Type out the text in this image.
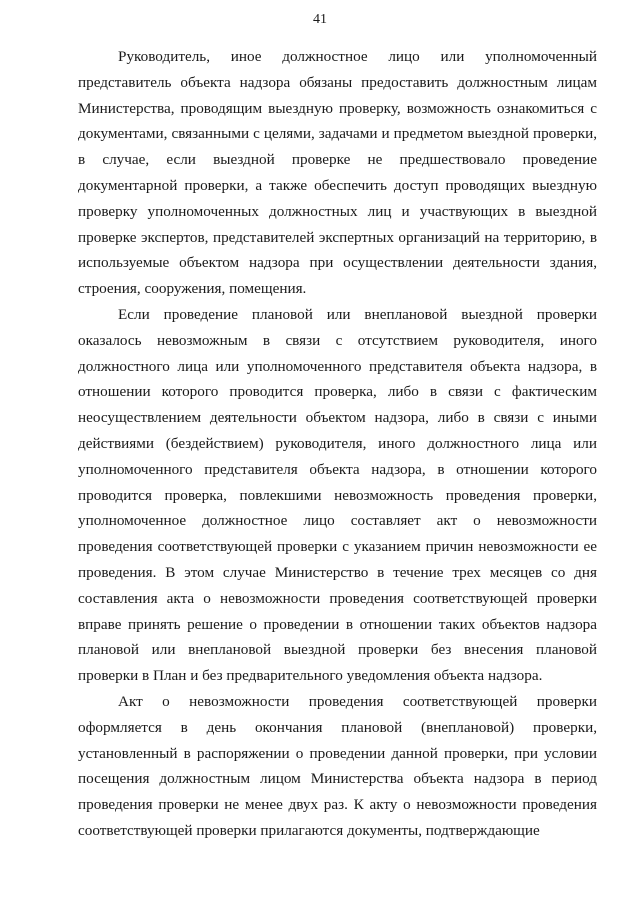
41

Руководитель, иное должностное лицо или уполномоченный представитель объекта надзора обязаны предоставить должностным лицам Министерства, проводящим выездную проверку, возможность ознакомиться с документами, связанными с целями, задачами и предметом выездной проверки, в случае, если выездной проверке не предшествовало проведение документарной проверки, а также обеспечить доступ проводящих выездную проверку уполномоченных должностных лиц и участвующих в выездной проверке экспертов, представителей экспертных организаций на территорию, в используемые объектом надзора при осуществлении деятельности здания, строения, сооружения, помещения.

Если проведение плановой или внеплановой выездной проверки оказалось невозможным в связи с отсутствием руководителя, иного должностного лица или уполномоченного представителя объекта надзора, в отношении которого проводится проверка, либо в связи с фактическим неосуществлением деятельности объектом надзора, либо в связи с иными действиями (бездействием) руководителя, иного должностного лица или уполномоченного представителя объекта надзора, в отношении которого проводится проверка, повлекшими невозможность проведения проверки, уполномоченное должностное лицо составляет акт о невозможности проведения соответствующей проверки с указанием причин невозможности ее проведения. В этом случае Министерство в течение трех месяцев со дня составления акта о невозможности проведения соответствующей проверки вправе принять решение о проведении в отношении таких объектов надзора плановой или внеплановой выездной проверки без внесения плановой проверки в План и без предварительного уведомления объекта надзора.

Акт о невозможности проведения соответствующей проверки оформляется в день окончания плановой (внеплановой) проверки, установленный в распоряжении о проведении данной проверки, при условии посещения должностным лицом Министерства объекта надзора в период проведения проверки не менее двух раз. К акту о невозможности проведения соответствующей проверки прилагаются документы, подтверждающие
